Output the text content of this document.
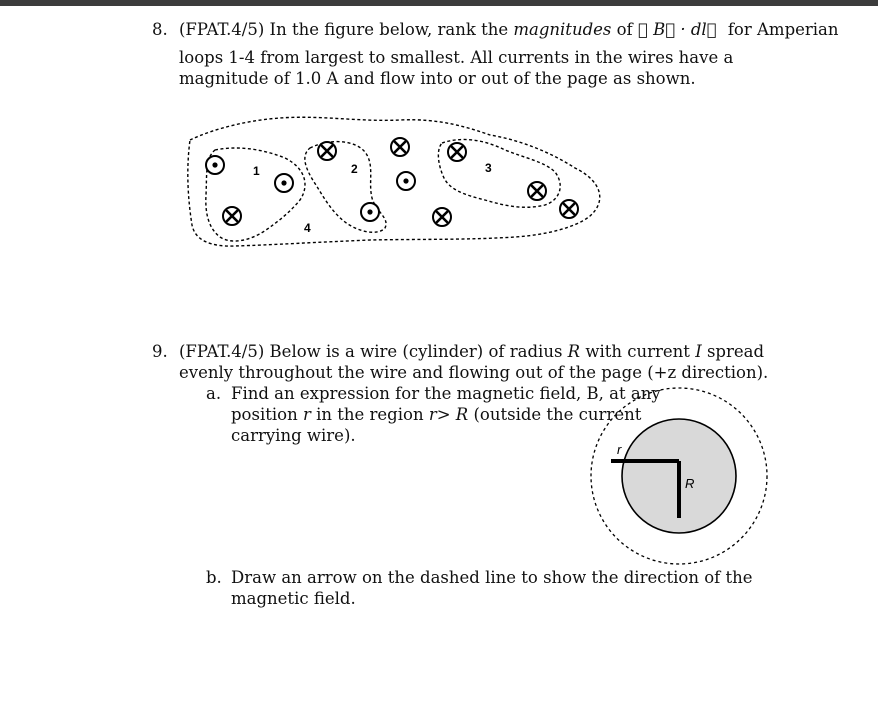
8. (FPAT.4/5) In the figure below, rank the magnitudes of ∮ B⃗ · dl⃗ for Amperian
loops 1-4 from largest to smallest. All currents in the wires have a
magnitude of 1.0 A and flow into or out of the page as shown.
1	2	3
4
r
R
9. (FPAT.4/5) Below is a wire (cylinder) of radius R with current I spread
evenly throughout the wire and flowing out of the page (+z direction).
a. Find an expression for the magnetic field, B, at any
position r in the region r> R (outside the current
carrying wire).
b. Draw an arrow on the dashed line to show the direction of the
magnetic field.
